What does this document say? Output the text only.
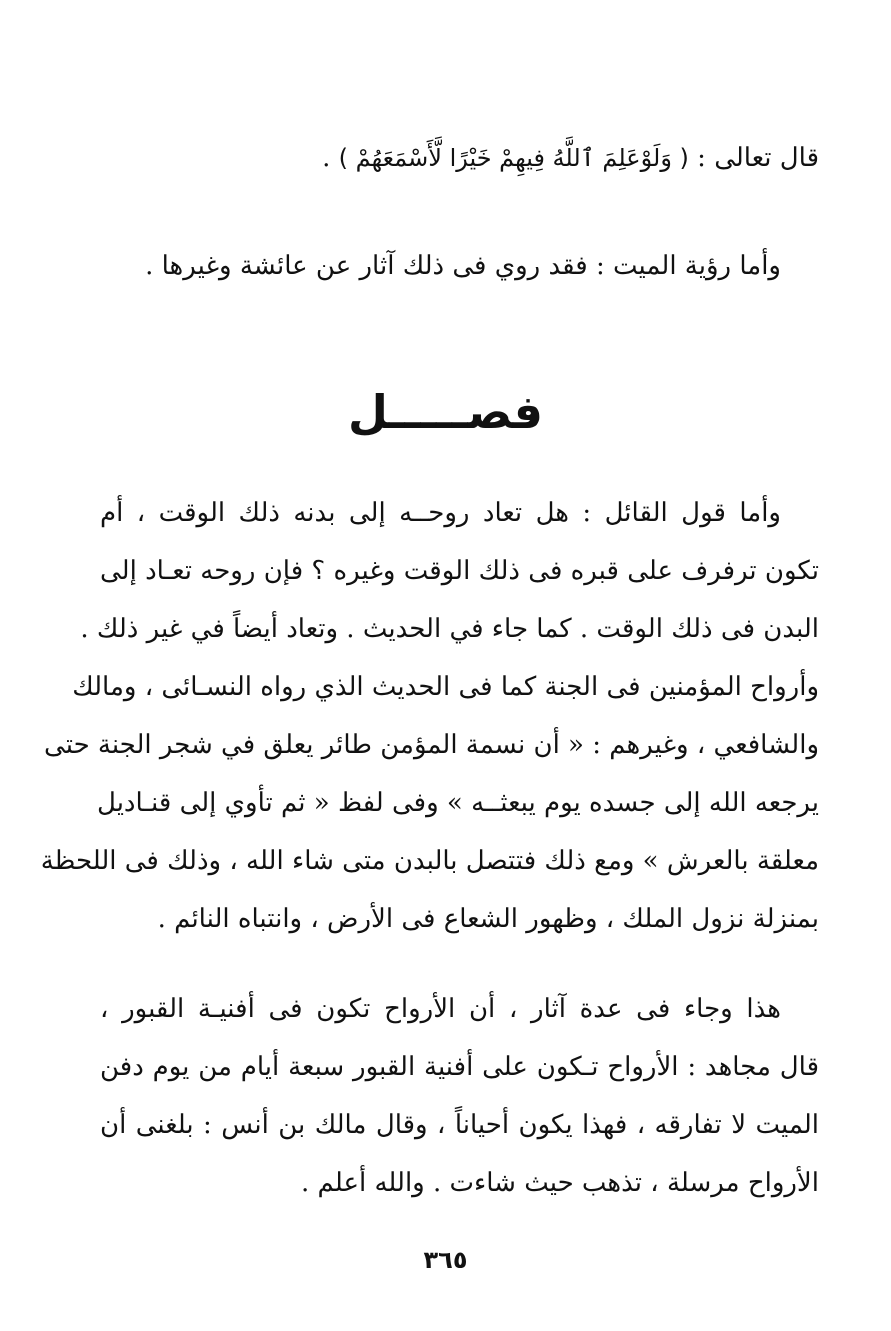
قال تعالى : ( وَلَوْعَلِمَ ٱللَّهُ فِيهِمْ خَيْرًا لَّأَسْمَعَهُمْ ) .
وأما رؤية الميت : فقد روي فى ذلك آثار عن عائشة وغيرها .
فصـــــل
وأما قول القائل : هل تعاد روحــه إلى بدنه ذلك الوقت ، أم
تكون ترفرف على قبره فى ذلك الوقت وغيره ؟ فإن روحه تعـاد إلى
البدن فى ذلك الوقت . كما جاء في الحديث . وتعاد أيضاً في غير ذلك .
وأرواح المؤمنين فى الجنة كما فى الحديث الذي رواه النسـائى ، ومالك
والشافعي ، وغيرهم : « أن نسمة المؤمن طائر يعلق في شجر الجنة حتى
يرجعه الله إلى جسده يوم يبعثــه » وفى لفظ « ثم تأوي إلى قنـاديل
معلقة بالعرش » ومع ذلك فتتصل بالبدن متى شاء الله ، وذلك فى اللحظة
بمنزلة نزول الملك ، وظهور الشعاع فى الأرض ، وانتباه النائم .
هذا وجاء فى عدة آثار ، أن الأرواح تكون فى أفنيـة القبور ،
قال مجاهد : الأرواح تـكون على أفنية القبور سبعة أيام من يوم دفن
الميت لا تفارقه ، فهذا يكون أحياناً ، وقال مالك بن أنس : بلغنى أن
الأرواح مرسلة ، تذهب حيث شاءت . والله أعلم .
٣٦٥
